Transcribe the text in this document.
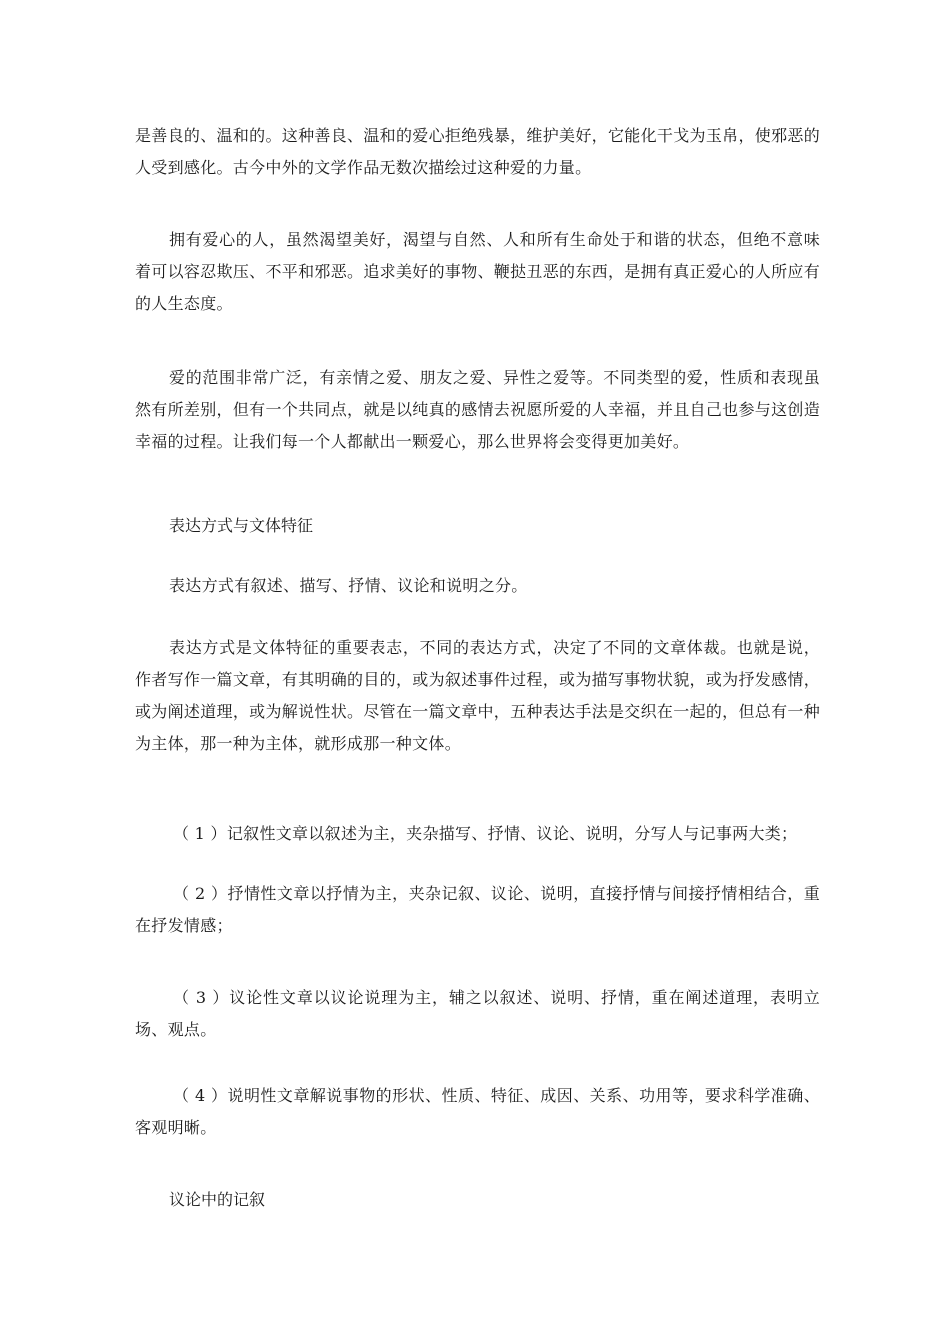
是善良的、温和的。这种善良、温和的爱心拒绝残暴，维护美好，它能化干戈为玉帛，使邪恶的人受到感化。古今中外的文学作品无数次描绘过这种爱的力量。

拥有爱心的人，虽然渴望美好，渴望与自然、人和所有生命处于和谐的状态，但绝不意味着可以容忍欺压、不平和邪恶。追求美好的事物、鞭挞丑恶的东西，是拥有真正爱心的人所应有的人生态度。

爱的范围非常广泛，有亲情之爱、朋友之爱、异性之爱等。不同类型的爱，性质和表现虽然有所差别，但有一个共同点，就是以纯真的感情去祝愿所爱的人幸福，并且自己也参与这创造幸福的过程。让我们每一个人都献出一颗爱心，那么世界将会变得更加美好。

表达方式与文体特征

表达方式有叙述、描写、抒情、议论和说明之分。

表达方式是文体特征的重要表志，不同的表达方式，决定了不同的文章体裁。也就是说，作者写作一篇文章，有其明确的目的，或为叙述事件过程，或为描写事物状貌，或为抒发感情，或为阐述道理，或为解说性状。尽管在一篇文章中，五种表达手法是交织在一起的，但总有一种为主体，那一种为主体，就形成那一种文体。

（ 1 ）记叙性文章以叙述为主，夹杂描写、抒情、议论、说明，分写人与记事两大类；

（ 2 ）抒情性文章以抒情为主，夹杂记叙、议论、说明，直接抒情与间接抒情相结合，重在抒发情感；

（ 3 ）议论性文章以议论说理为主，辅之以叙述、说明、抒情，重在阐述道理，表明立场、观点。

（ 4 ）说明性文章解说事物的形状、性质、特征、成因、关系、功用等，要求科学准确、客观明晰。

议论中的记叙
